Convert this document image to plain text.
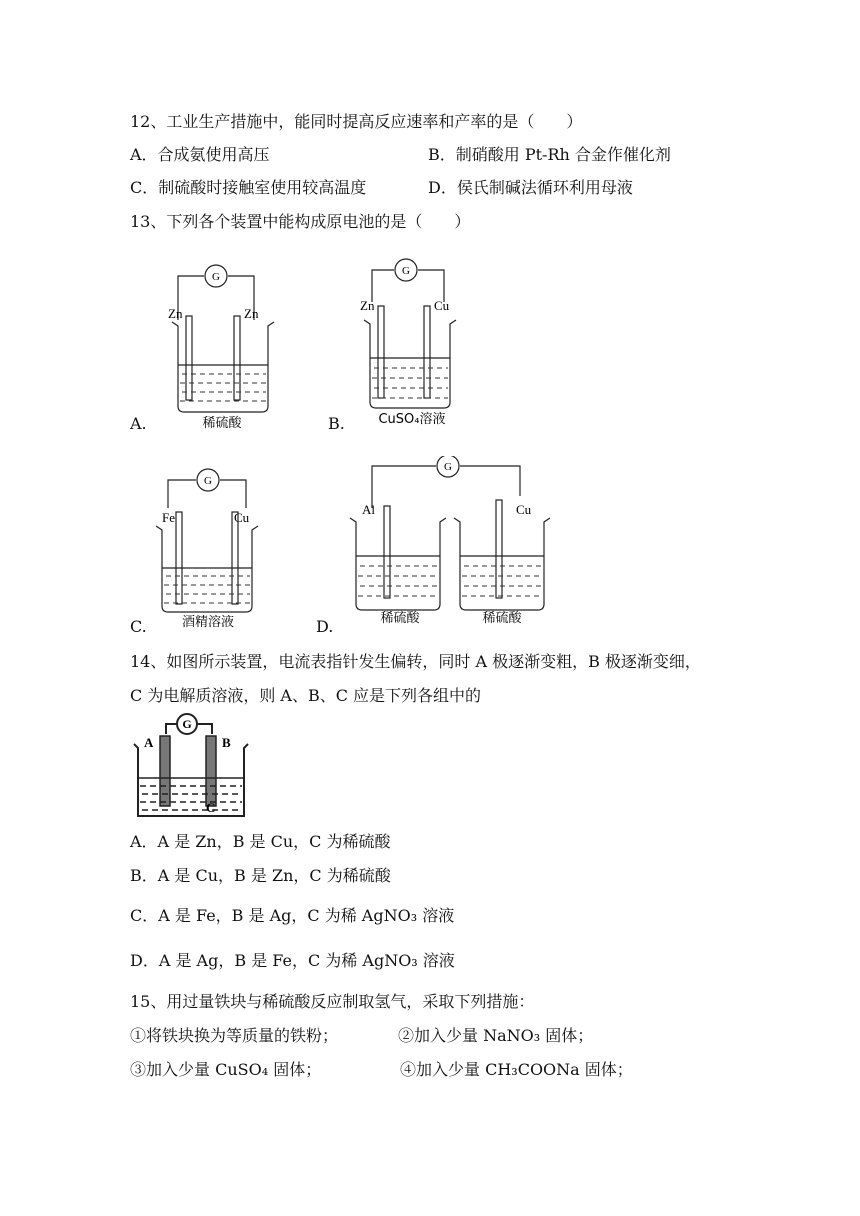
12、工业生产措施中，能同时提高反应速率和产率的是（　　）
A．合成氨使用高压	B．制硝酸用 Pt-Rh 合金作催化剂
C．制硫酸时接触室使用较高温度	D．侯氏制碱法循环利用母液
13、下列各个装置中能构成原电池的是（　　）
A.
G
Zn	Zn
稀硫酸	B.
G
Zn	Cu
CuSO₄溶液
C.
G
Fe	Cu
酒精溶液	D.
G
Al	Cu
稀硫酸	稀硫酸
14、如图所示装置，电流表指针发生偏转，同时 A 极逐渐变粗，B 极逐渐变细，
C 为电解质溶液，则 A、B、C 应是下列各组中的
G
A	B
C
A．A 是 Zn，B 是 Cu，C 为稀硫酸
B．A 是 Cu，B 是 Zn，C 为稀硫酸
C．A 是 Fe，B 是 Ag，C 为稀 AgNO₃ 溶液
D．A 是 Ag，B 是 Fe，C 为稀 AgNO₃ 溶液
15、用过量铁块与稀硫酸反应制取氢气，采取下列措施：
①将铁块换为等质量的铁粉；	②加入少量 NaNO₃ 固体；
③加入少量 CuSO₄ 固体；	④加入少量 CH₃COONa 固体；
